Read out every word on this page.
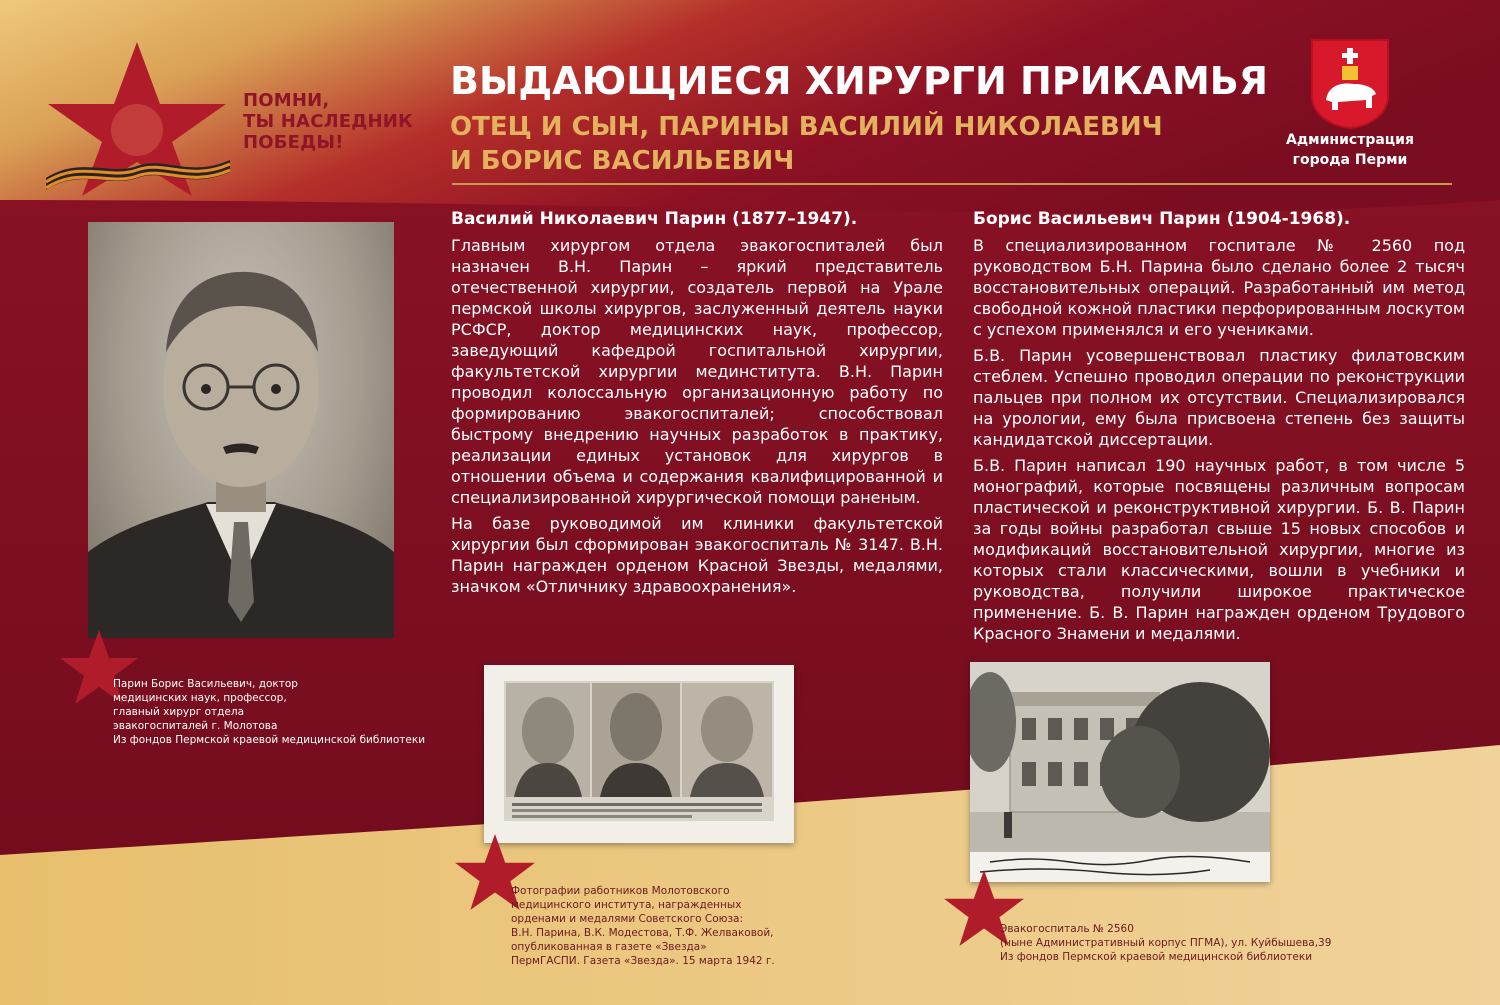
ПОМНИ,
ТЫ НАСЛЕДНИК
ПОБЕДЫ!
ВЫДАЮЩИЕСЯ ХИРУРГИ ПРИКАМЬЯ
ОТЕЦ И СЫН, ПАРИНЫ ВАСИЛИЙ НИКОЛАЕВИЧ
И БОРИС ВАСИЛЬЕВИЧ
Администрация
города Перми
Василий Николаевич Парин (1877–1947).

Главным хирургом отдела эвакогоспиталей был назначен В.Н. Парин – яркий представитель отечественной хирургии, создатель первой на Урале пермской школы хирургов, заслуженный деятель науки РСФСР, доктор медицинских наук, профессор, заведующий кафедрой госпитальной хирургии, факультетской хирургии мединститута. В.Н. Парин проводил колоссальную организационную работу по формированию эвакогоспиталей; способствовал быстрому внедрению научных разработок в практику, реализации единых установок для хирургов в отношении объема и содержания квалифицированной и специализированной хирургической помощи раненым.

На базе руководимой им клиники факультетской хирургии был сформирован эвакогоспиталь № 3147. В.Н. Парин награжден орденом Красной Звезды, медалями, значком «Отличнику здравоохранения».

Борис Васильевич Парин (1904-1968).

В специализированном госпитале № 2560 под руководством Б.Н. Парина было сделано более 2 тысяч восстановительных операций. Разработанный им метод свободной кожной пластики перфорированным лоскутом с успехом применялся и его учениками.

Б.В. Парин усовершенствовал пластику филатовским стеблем. Успешно проводил операции по реконструкции пальцев при полном их отсутствии. Специализировался на урологии, ему была присвоена степень без защиты кандидатской диссертации.

Б.В. Парин написал 190 научных работ, в том числе 5 монографий, которые посвящены различным вопросам пластической и реконструктивной хирургии. Б. В. Парин за годы войны разработал свыше 15 новых способов и модификаций восстановительной хирургии, многие из которых стали классическими, вошли в учебники и руководства, получили широкое практическое применение. Б. В. Парин награжден орденом Трудового Красного Знамени и медалями.

Парин Борис Васильевич, доктор
медицинских наук, профессор,
главный хирург отдела
эвакогоспиталей г. Молотова
Из фондов Пермской краевой медицинской библиотеки
Фотографии работников Молотовского
медицинского института, награжденных
орденами и медалями Советского Союза:
В.Н. Парина, В.К. Модестова, Т.Ф. Желваковой,
опубликованная в газете «Звезда»
ПермГАСПИ. Газета «Звезда». 15 марта 1942 г.
Эвакогоспиталь № 2560
(ныне Административный корпус ПГМА), ул. Куйбышева,39
Из фондов Пермской краевой медицинской библиотеки
